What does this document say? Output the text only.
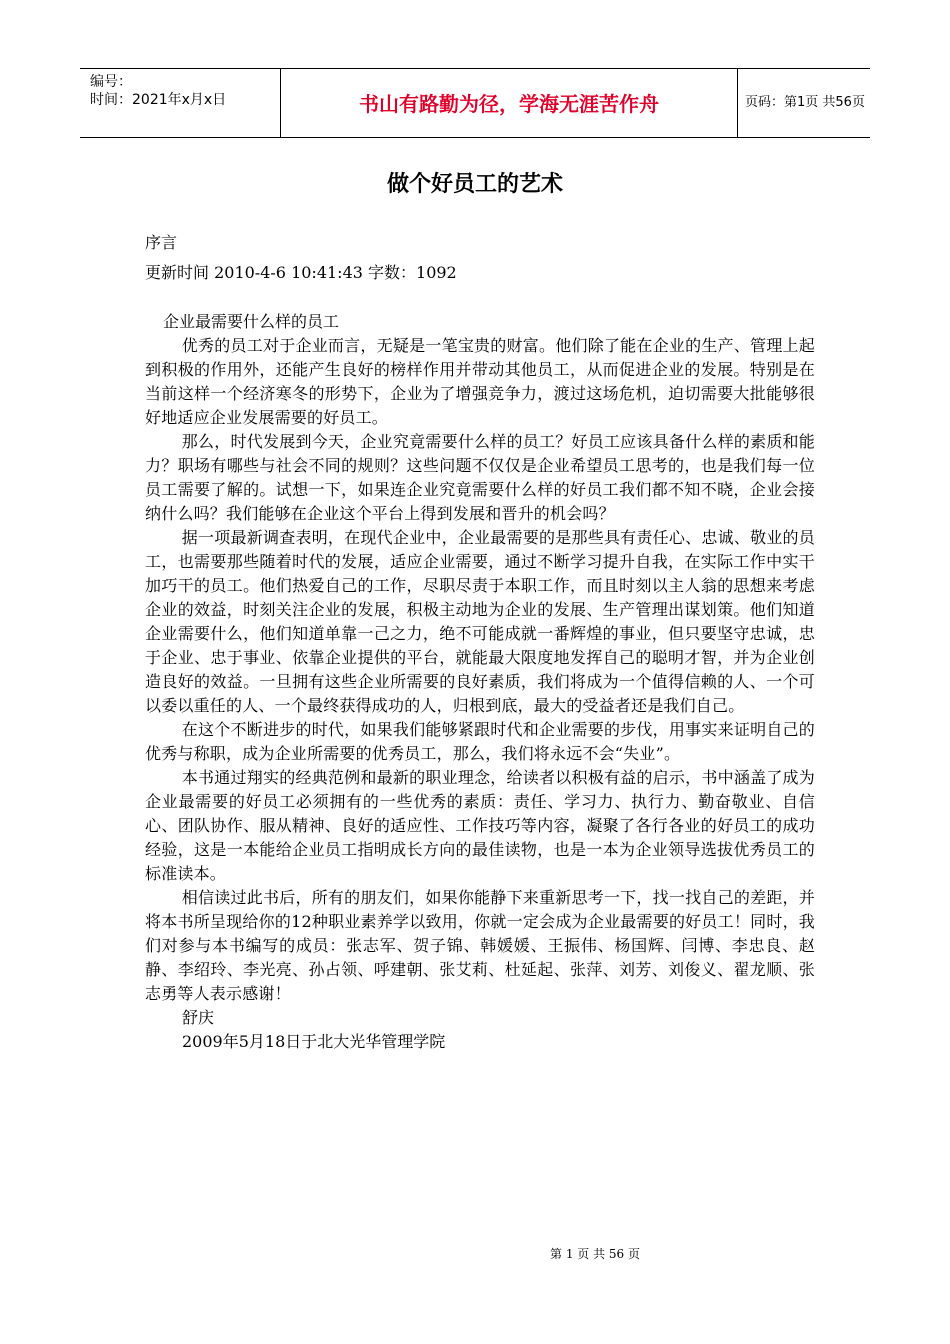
编号：
时间：2021年x月x日	书山有路勤为径，学海无涯苦作舟	页码：第1页 共56页
做个好员工的艺术

序言

更新时间 2010-4-6 10:41:43 字数：1092

企业最需要什么样的员工

优秀的员工对于企业而言，无疑是一笔宝贵的财富。他们除了能在企业的生产、管理上起到积极的作用外，还能产生良好的榜样作用并带动其他员工，从而促进企业的发展。特别是在当前这样一个经济寒冬的形势下，企业为了增强竞争力，渡过这场危机，迫切需要大批能够很好地适应企业发展需要的好员工。

那么，时代发展到今天，企业究竟需要什么样的员工？好员工应该具备什么样的素质和能力？职场有哪些与社会不同的规则？这些问题不仅仅是企业希望员工思考的，也是我们每一位员工需要了解的。试想一下，如果连企业究竟需要什么样的好员工我们都不知不晓，企业会接纳什么吗？我们能够在企业这个平台上得到发展和晋升的机会吗？

据一项最新调查表明，在现代企业中，企业最需要的是那些具有责任心、忠诚、敬业的员工，也需要那些随着时代的发展，适应企业需要，通过不断学习提升自我，在实际工作中实干加巧干的员工。他们热爱自己的工作，尽职尽责于本职工作，而且时刻以主人翁的思想来考虑企业的效益，时刻关注企业的发展，积极主动地为企业的发展、生产管理出谋划策。他们知道企业需要什么，他们知道单靠一己之力，绝不可能成就一番辉煌的事业，但只要坚守忠诚，忠于企业、忠于事业、依靠企业提供的平台，就能最大限度地发挥自己的聪明才智，并为企业创造良好的效益。一旦拥有这些企业所需要的良好素质，我们将成为一个值得信赖的人、一个可以委以重任的人、一个最终获得成功的人，归根到底，最大的受益者还是我们自己。

在这个不断进步的时代，如果我们能够紧跟时代和企业需要的步伐，用事实来证明自己的优秀与称职，成为企业所需要的优秀员工，那么，我们将永远不会“失业”。

本书通过翔实的经典范例和最新的职业理念，给读者以积极有益的启示，书中涵盖了成为企业最需要的好员工必须拥有的一些优秀的素质：责任、学习力、执行力、勤奋敬业、自信心、团队协作、服从精神、良好的适应性、工作技巧等内容，凝聚了各行各业的好员工的成功经验，这是一本能给企业员工指明成长方向的最佳读物，也是一本为企业领导选拔优秀员工的标准读本。

相信读过此书后，所有的朋友们，如果你能静下来重新思考一下，找一找自己的差距，并将本书所呈现给你的12种职业素养学以致用，你就一定会成为企业最需要的好员工！同时，我们对参与本书编写的成员：张志军、贺子锦、韩媛媛、王振伟、杨国辉、闫博、李忠良、赵静、李绍玲、李光亮、孙占领、呼建朝、张艾莉、杜延起、张萍、刘芳、刘俊义、翟龙顺、张志勇等人表示感谢！

舒庆

2009年5月18日于北大光华管理学院

第 1 页 共 56 页
